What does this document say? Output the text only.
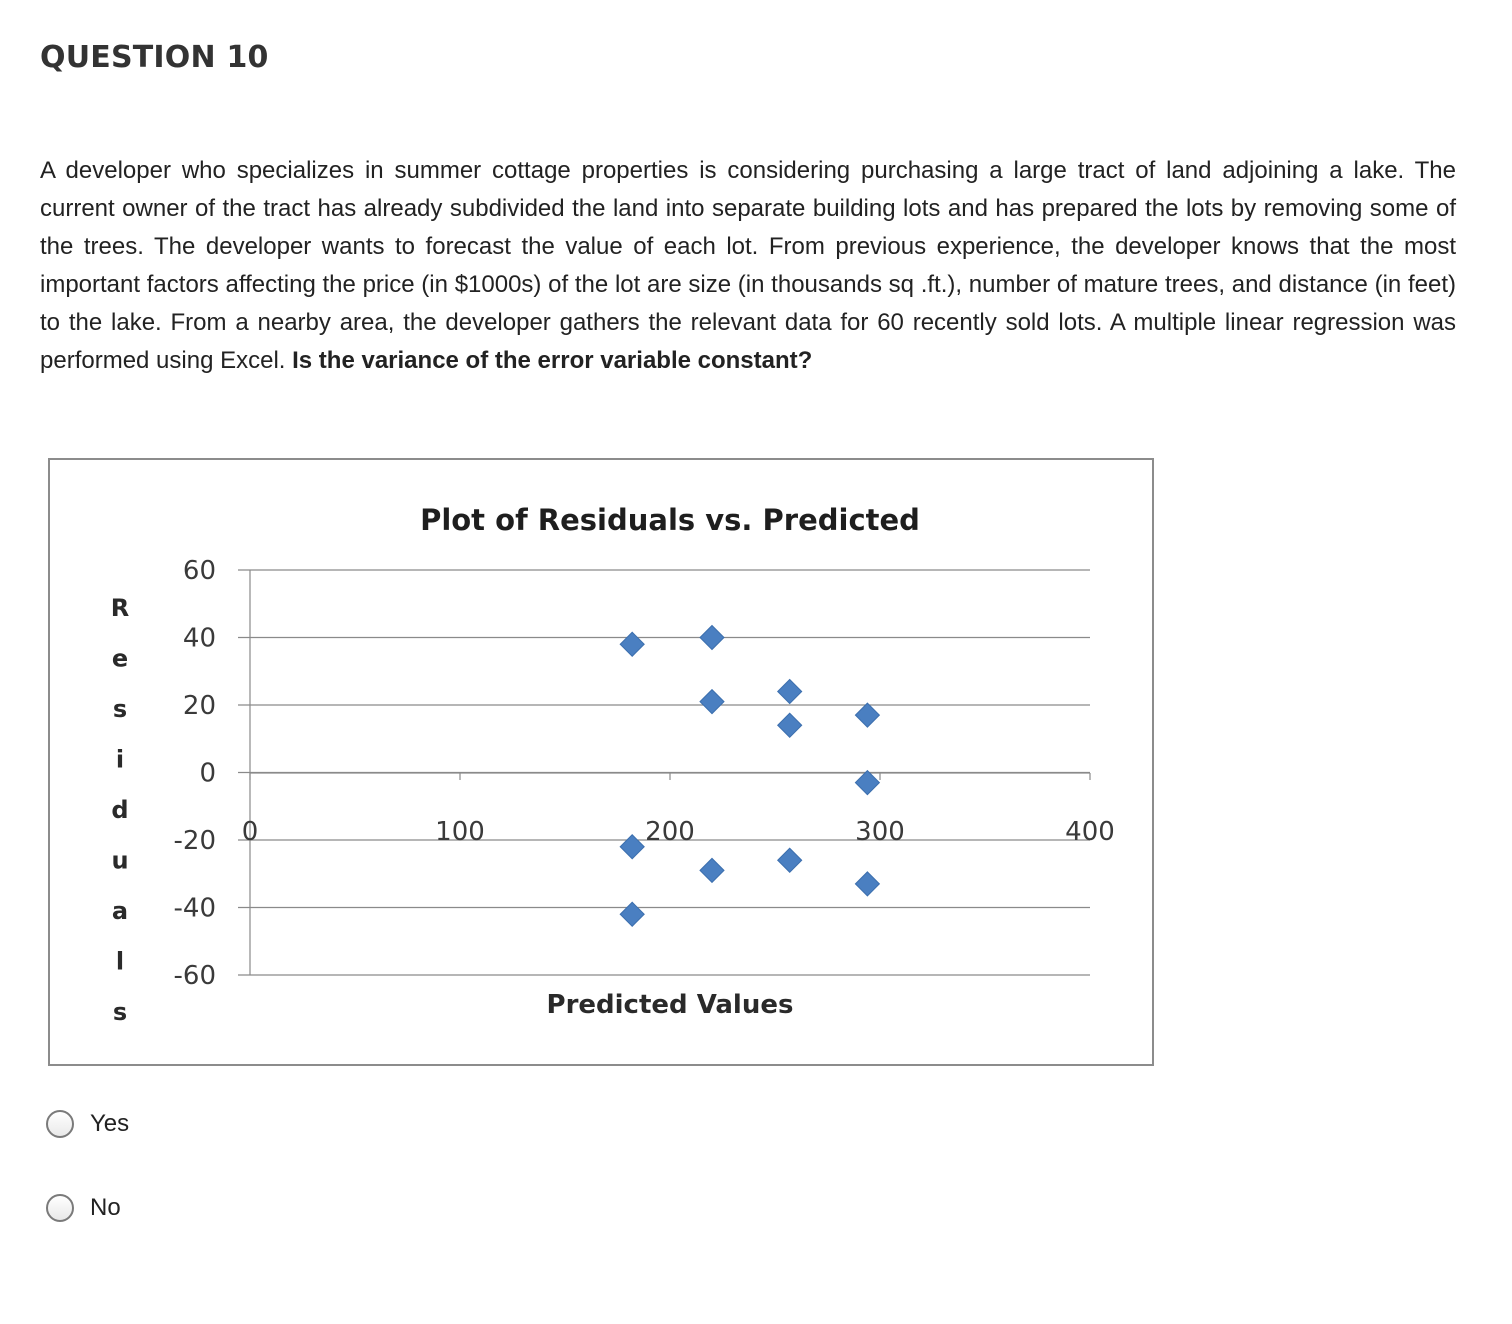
QUESTION 10

A developer who specializes in summer cottage properties is considering purchasing a large tract of land adjoining a lake. The current owner of the tract has already subdivided the land into separate building lots and has prepared the lots by removing some of the trees. The developer wants to forecast the value of each lot. From previous experience, the developer knows that the most important factors affecting the price (in $1000s) of the lot are size (in thousands sq .ft.), number of mature trees, and distance (in feet) to the lake. From a nearby area, the developer gathers the relevant data for 60 recently sold lots. A multiple linear regression was performed using Excel. Is the variance of the error variable constant?

Plot of Residuals vs. Predicted
60
40
20
0
-20
-40
-60
0	100	200	300	400
R
e
s
i
d
u
a
l
s	Predicted Values
Yes
No
